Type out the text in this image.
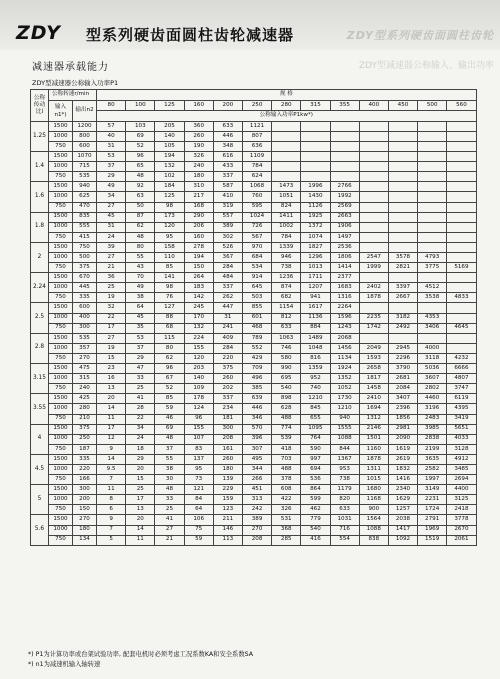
ZDY 型系列硬齿面圆柱齿轮减速器	ZDY型系列硬齿面圆柱齿轮
ZDY型减速器公称输入、输出功率
减速器承载能力
ZDY型减速器公称输入功率P1
公称传动比i	公称转速r/min		规 格												
	输入n1*)	输出n2	80	100	125	160	200	250	280	315	355	400	450	500	560
			公称输入功率P1kw*)												
1.25	1500	1200	57	103	205	360	633	1121							
	1000	800	40	69	140	260	446	807							
	750	600	31	52	105	190	348	636							
1.4	1500	1070	53	96	194	326	616	1109							
	1000	715	37	65	132	240	433	784							
	750	535	29	48	102	180	337	624							
1.6	1500	940	49	92	184	310	587	1068	1473	1996	2766				
	1000	625	34	63	125	217	410	760	1051	1430	1992				
	750	470	27	50	98	168	319	595	824	1126	2569				
1.8	1500	835	45	87	173	290	557	1024	1411	1925	2663				
	1000	555	31	62	120	206	389	726	1002	1372	1906				
	750	415	24	48	95	160	302	567	784	1074	1497				
2	1500	750	39	80	158	278	526	970	1339	1827	2536				
	1000	500	27	55	110	194	367	684	946	1296	1806	2547	3578	4793	
	750	375	21	43	85	150	284	534	738	1013	1414	1999	2821	3775	5169
2.24	1500	670	36	70	141	264	484	914	1236	1711	2377				
	1000	445	25	49	98	183	337	645	874	1207	1683	2402	3397	4512	
	750	335	19	38	76	142	262	503	682	941	1316	1878	2667	3538	4833
2.5	1500	600	32	64	127	245	447	855	1154	1617	2264				
	1000	400	22	45	88	170	31	601	812	1136	1596	2235	3182	4353	
	750	300	17	35	68	132	241	468	633	884	1243	1742	2492	3406	4645
2.8	1500	535	27	53	115	224	409	789	1063	1489	2068				
	1000	357	19	37	80	155	284	552	746	1048	1456	2049	2945	4000	
	750	270	15	29	62	120	220	429	580	816	1134	1593	2296	3118	4232
3.15	1500	475	23	47	96	203	375	709	990	1359	1924	2658	3790	5036	6666
	1000	315	16	33	67	140	260	496	695	952	1352	1817	2681	3607	4807
	750	240	13	25	52	109	202	385	540	740	1052	1458	2084	2802	3747
3.55	1500	425	20	41	85	178	337	639	898	1210	1730	2410	3407	4460	6119
	1000	280	14	28	59	124	234	446	628	845	1210	1694	2396	3196	4395
	750	210	11	22	46	96	181	346	488	655	940	1312	1856	2483	3419
4	1500	375	17	34	69	155	300	570	774	1095	1555	2146	2981	3985	5651
	1000	250	12	24	48	107	208	396	539	764	1088	1501	2090	2838	4033
	750	187	9	18	37	83	161	307	418	590	844	1160	1619	2199	3128
4.5	1500	335	14	29	55	137	260	495	703	997	1367	1878	2619	3635	4912
	1000	220	9.5	20	38	95	180	344	488	694	953	1311	1832	2582	3485
	750	166	7	15	30	73	139	266	378	536	738	1015	1416	1997	2694
5	1500	300	11	25	48	121	229	451	608	864	1179	1680	2340	3149	4400
	1000	200	8	17	33	84	159	313	422	599	820	1168	1629	2231	3125
	750	150	6	13	25	64	123	242	326	462	633	900	1257	1724	2418
5.6	1500	270	9	20	41	106	211	389	531	779	1031	1564	2038	2791	3778
	1000	180	7	14	27	75	146	270	368	540	716	1088	1417	1969	2670
	750	134	5	11	21	59	113	208	285	416	554	838	1092	1519	2061
*) P1为计算功率或台架试验功率, 配套电机时必须考虑工况系数KA和安全系数SA
*) n1为减速机输入轴转速
